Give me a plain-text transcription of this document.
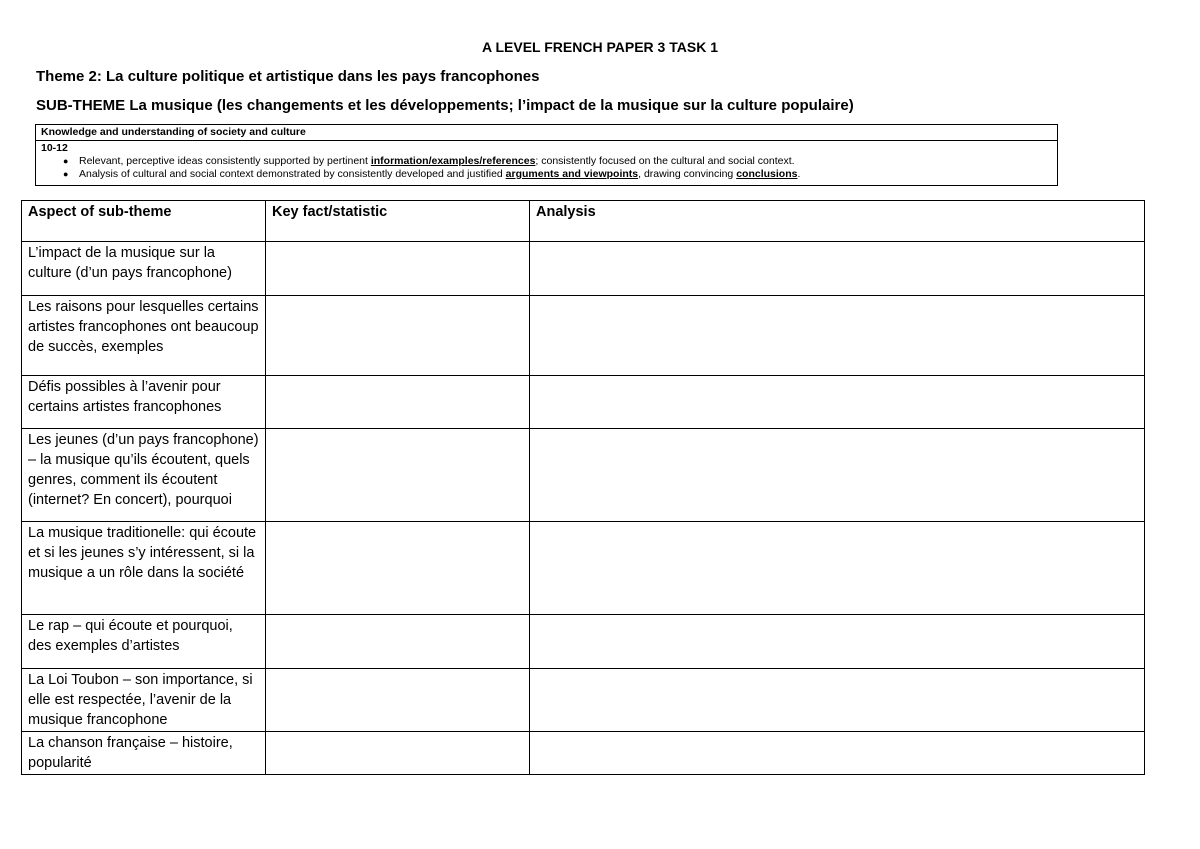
A LEVEL FRENCH PAPER 3 TASK 1
Theme 2: La culture politique et artistique dans les pays francophones
SUB-THEME La musique (les changements et les développements; l’impact de la musique sur la culture populaire)
Knowledge and understanding of society and culture
10-12
● Relevant, perceptive ideas consistently supported by pertinent information/examples/references; consistently focused on the cultural and social context.
● Analysis of cultural and social context demonstrated by consistently developed and justified arguments and viewpoints, drawing convincing conclusions.
Aspect of sub-theme	Key fact/statistic	Analysis
L’impact de la musique sur la culture (d’un pays francophone)		
Les raisons pour lesquelles certains artistes francophones ont beaucoup de succès, exemples		
Défis possibles à l’avenir pour certains artistes francophones		
Les jeunes (d’un pays francophone) – la musique qu’ils écoutent, quels genres, comment ils écoutent (internet? En concert), pourquoi		
La musique traditionelle: qui écoute et si les jeunes s’y intéressent, si la musique a un rôle dans la société		
Le rap – qui écoute et pourquoi, des exemples d’artistes		
La Loi Toubon – son importance, si elle est respectée, l’avenir de la musique francophone		
La chanson française – histoire, popularité		
